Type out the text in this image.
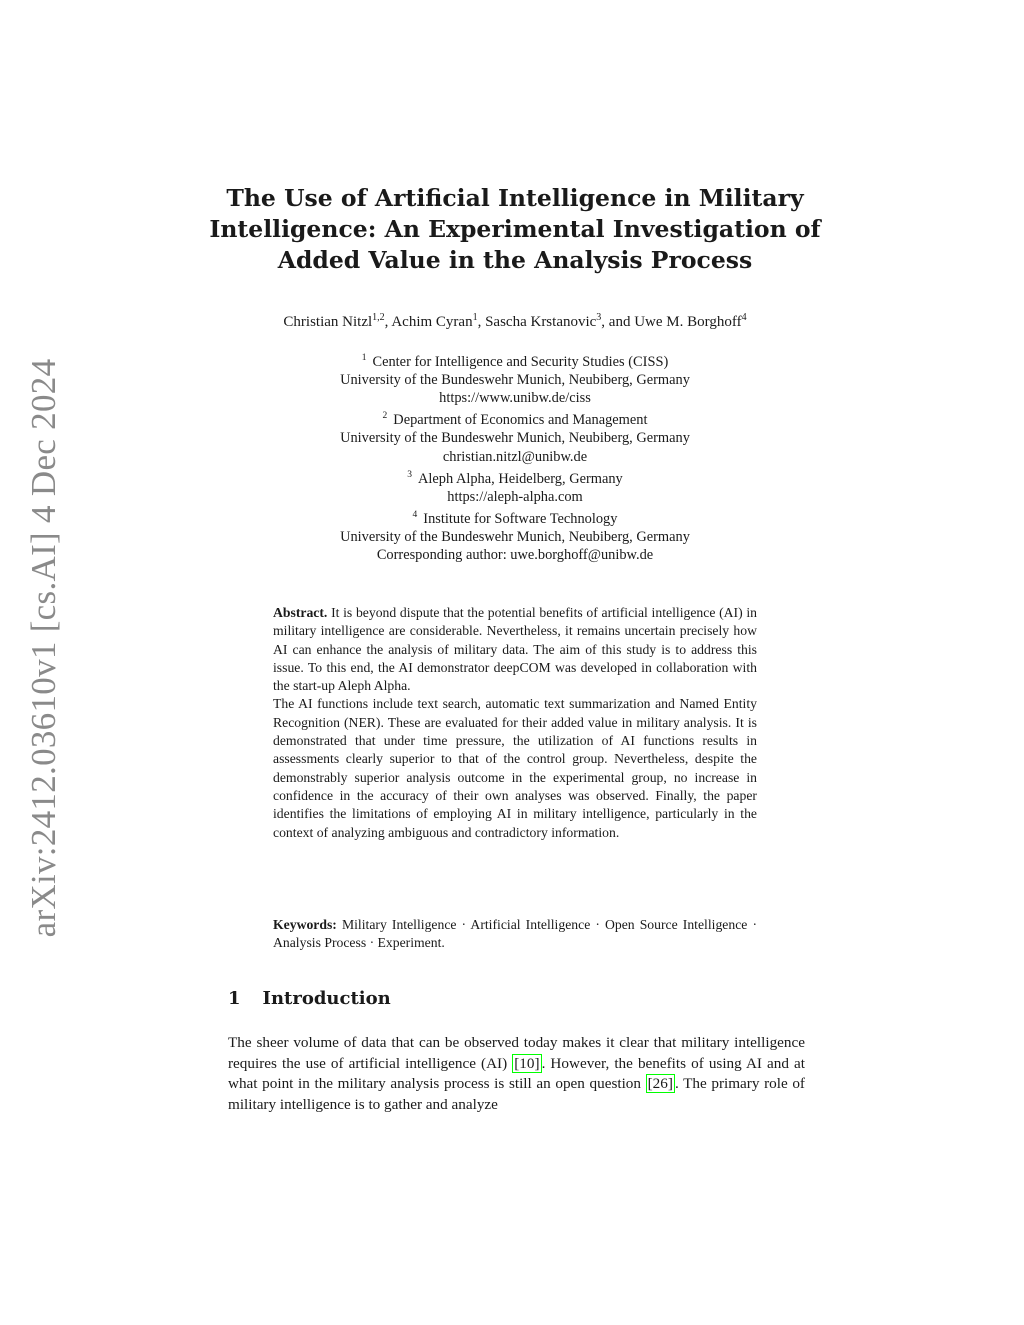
arXiv:2412.03610v1 [cs.AI] 4 Dec 2024
The Use of Artificial Intelligence in Military
Intelligence: An Experimental Investigation of
Added Value in the Analysis Process
Christian Nitzl$^{1,2}$, Achim Cyran$^1$, Sascha Krstanovic$^3$, and Uwe M. Borghoff$^4$
$^1$ Center for Intelligence and Security Studies (CISS)
University of the Bundeswehr Munich, Neubiberg, Germany
https://www.unibw.de/ciss
$^2$ Department of Economics and Management
University of the Bundeswehr Munich, Neubiberg, Germany
christian.nitzl@unibw.de
$^3$ Aleph Alpha, Heidelberg, Germany
https://aleph-alpha.com
$^4$ Institute for Software Technology
University of the Bundeswehr Munich, Neubiberg, Germany
Corresponding author: uwe.borghoff@unibw.de

Abstract. It is beyond dispute that the potential benefits of artificial intelligence (AI) in military intelligence are considerable. Nevertheless, it remains uncertain precisely how AI can enhance the analysis of military data. The aim of this study is to address this issue. To this end, the AI demonstrator deepCOM was developed in collaboration with the start-up Aleph Alpha.

The AI functions include text search, automatic text summarization and Named Entity Recognition (NER). These are evaluated for their added value in military analysis. It is demonstrated that under time pressure, the utilization of AI functions results in assessments clearly superior to that of the control group. Nevertheless, despite the demonstrably superior analysis outcome in the experimental group, no increase in confidence in the accuracy of their own analyses was observed. Finally, the paper identifies the limitations of employing AI in military intelligence, particularly in the context of analyzing ambiguous and contradictory information.

Keywords: Military Intelligence · Artificial Intelligence · Open Source Intelligence · Analysis Process · Experiment.
1 Introduction

The sheer volume of data that can be observed today makes it clear that military intelligence requires the use of artificial intelligence (AI) [10] . However, the benefits of using AI and at what point in the military analysis process is still an open question [26] . The primary role of military intelligence is to gather and analyze
